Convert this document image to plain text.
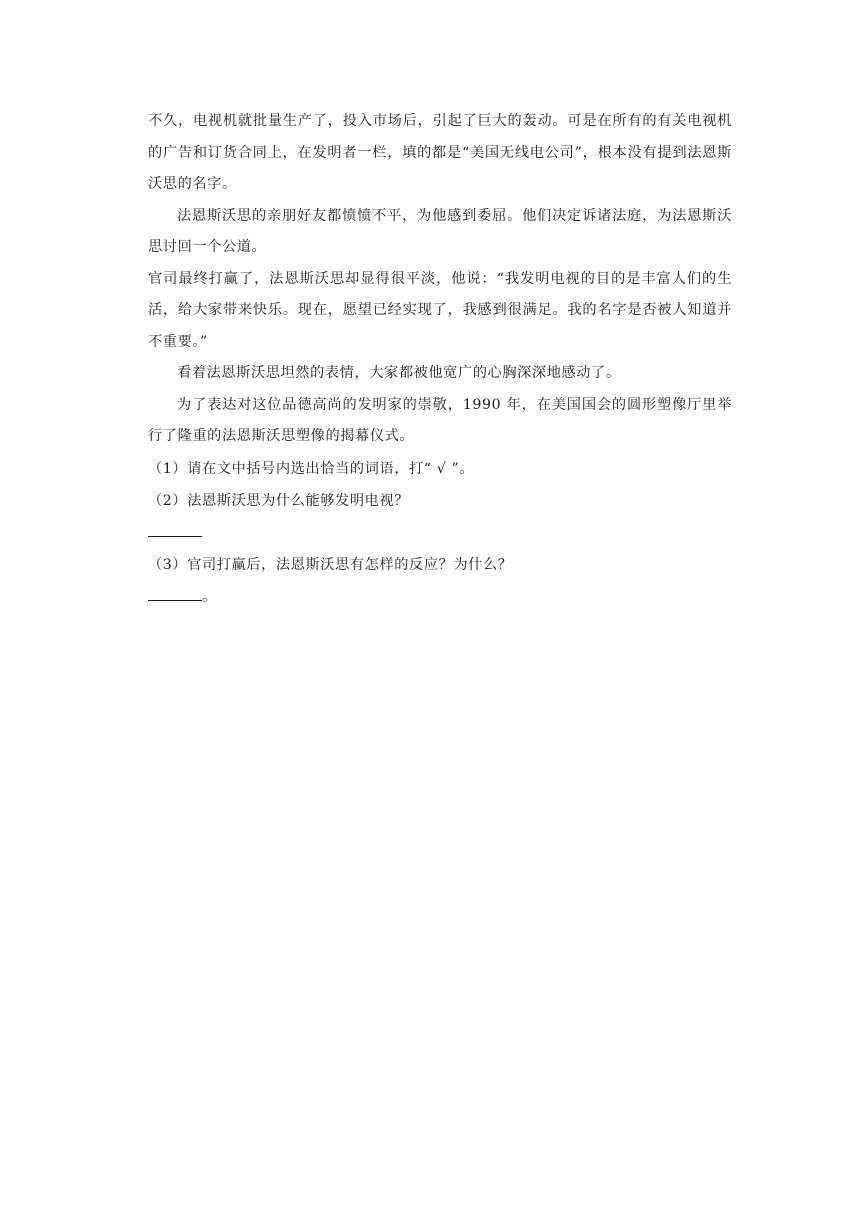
不久，电视机就批量生产了，投入市场后，引起了巨大的轰动。可是在所有的有关电视机的广告和订货合同上，在发明者一栏，填的都是“美国无线电公司”，根本没有提到法恩斯沃思的名字。

法恩斯沃思的亲朋好友都愤愤不平，为他感到委屈。他们决定诉诸法庭，为法恩斯沃思讨回一个公道。

官司最终打赢了，法恩斯沃思却显得很平淡，他说：“我发明电视的目的是丰富人们的生活，给大家带来快乐。现在，愿望已经实现了，我感到很满足。我的名字是否被人知道并不重要。”

看着法恩斯沃思坦然的表情，大家都被他宽广的心胸深深地感动了。

为了表达对这位品德高尚的发明家的崇敬，1990 年，在美国国会的圆形塑像厅里举行了隆重的法恩斯沃思塑像的揭幕仪式。

（1）请在文中括号内选出恰当的词语，打“ √ ”。

（2）法恩斯沃思为什么能够发明电视？

（3）官司打赢后，法恩斯沃思有怎样的反应？为什么？

。
